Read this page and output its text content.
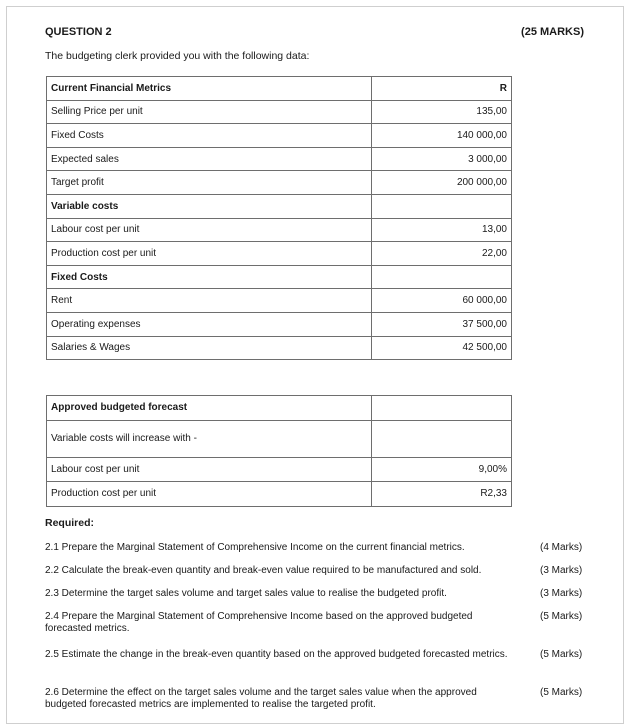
QUESTION 2	(25 MARKS)
The budgeting clerk provided you with the following data:
Current Financial Metrics	R
Selling Price per unit	135,00
Fixed Costs	140 000,00
Expected sales	3 000,00
Target profit	200 000,00
Variable costs	
Labour cost per unit	13,00
Production cost per unit	22,00
Fixed Costs	
Rent	60 000,00
Operating expenses	37 500,00
Salaries & Wages	42 500,00
Approved budgeted forecast	
Variable costs will increase with -	
Labour cost per unit	9,00%
Production cost per unit	R2,33
Required:
2.1 Prepare the Marginal Statement of Comprehensive Income on the current financial metrics.	(4 Marks)
2.2 Calculate the break-even quantity and break-even value required to be manufactured and sold.	(3 Marks)
2.3 Determine the target sales volume and target sales value to realise the budgeted profit.	(3 Marks)
2.4 Prepare the Marginal Statement of Comprehensive Income based on the approved budgeted forecasted metrics.
(5 Marks)
2.5 Estimate the change in the break-even quantity based on the approved budgeted forecasted metrics.	(5 Marks)
2.6 Determine the effect on the target sales volume and the target sales value when the approved budgeted forecasted metrics are implemented to realise the targeted profit.
(5 Marks)
